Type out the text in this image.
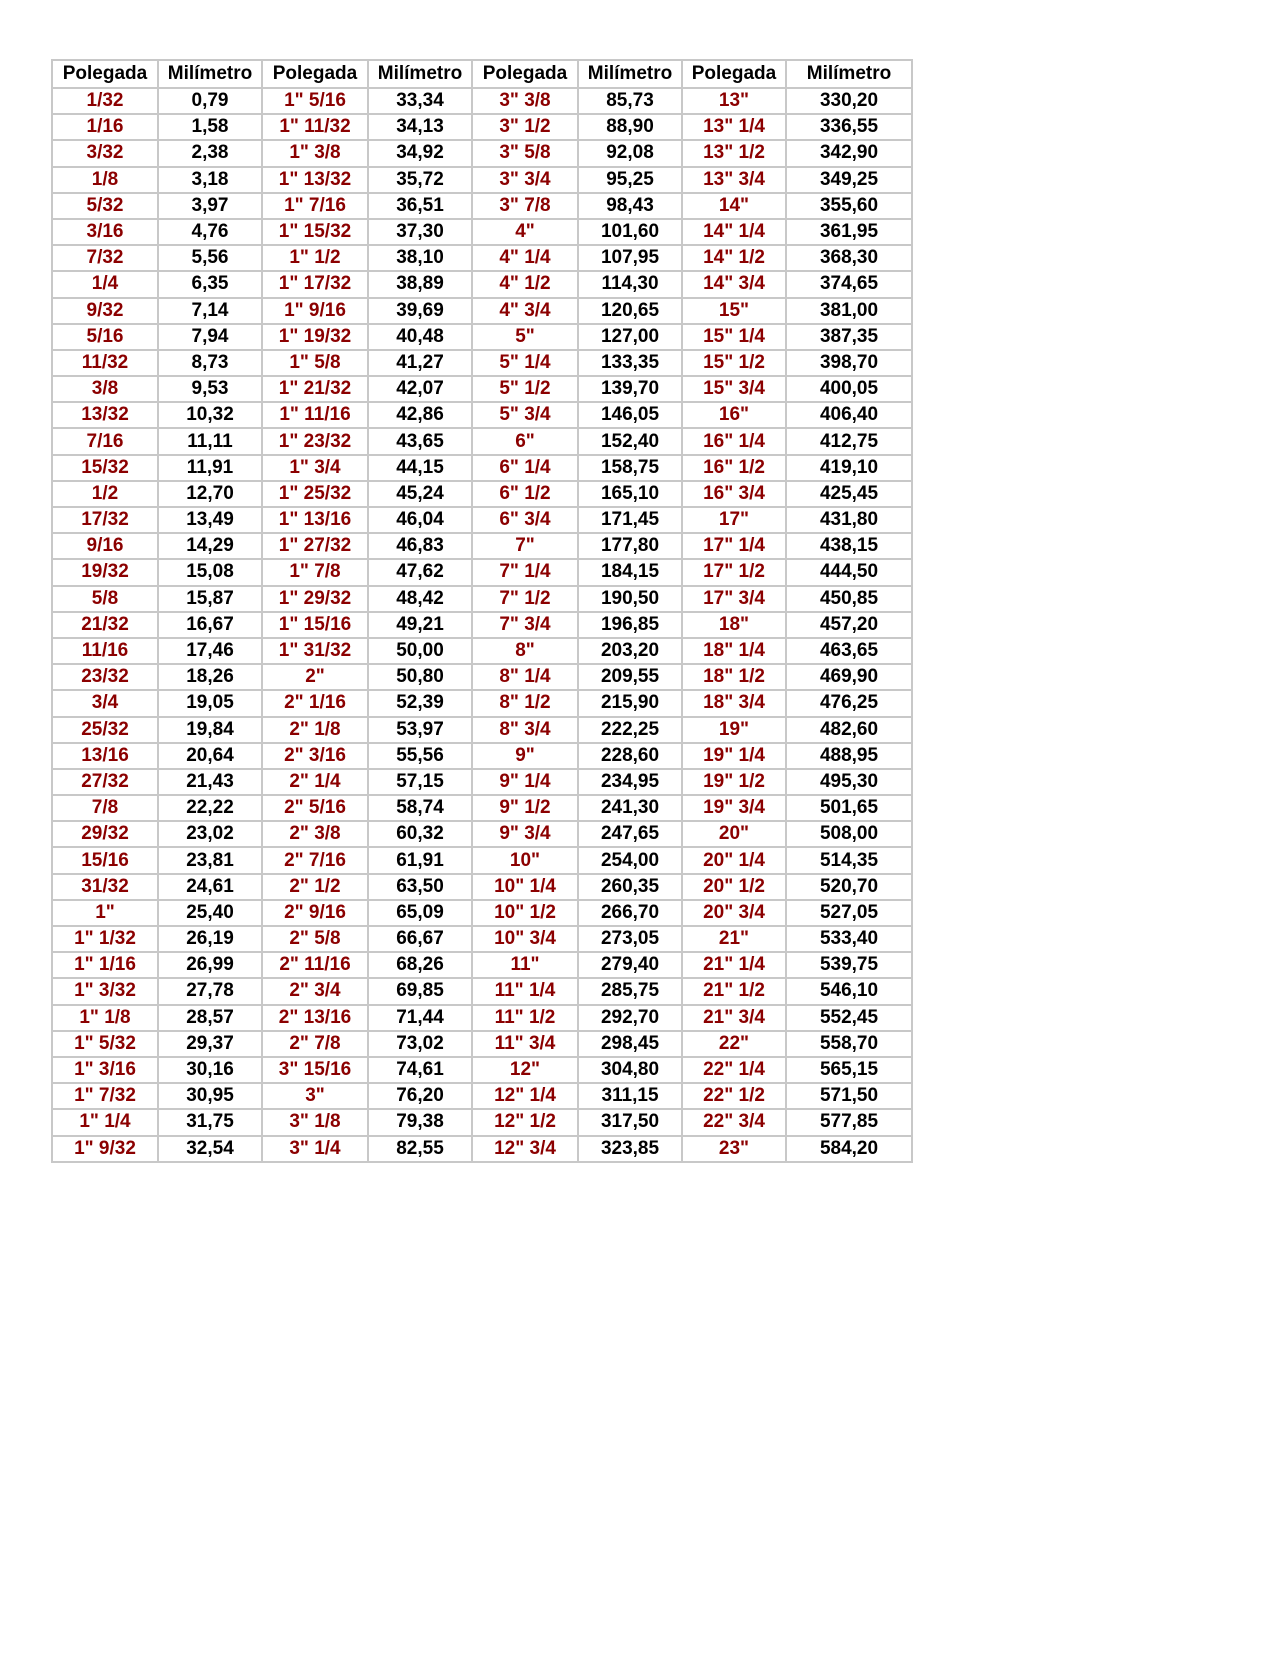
Polegada	Milímetro	Polegada	Milímetro	Polegada	Milímetro	Polegada	Milímetro
1/32	0,79	1" 5/16	33,34	3" 3/8	85,73	13"	330,20
1/16	1,58	1" 11/32	34,13	3" 1/2	88,90	13" 1/4	336,55
3/32	2,38	1" 3/8	34,92	3" 5/8	92,08	13" 1/2	342,90
1/8	3,18	1" 13/32	35,72	3" 3/4	95,25	13" 3/4	349,25
5/32	3,97	1" 7/16	36,51	3" 7/8	98,43	14"	355,60
3/16	4,76	1" 15/32	37,30	4"	101,60	14" 1/4	361,95
7/32	5,56	1" 1/2	38,10	4" 1/4	107,95	14" 1/2	368,30
1/4	6,35	1" 17/32	38,89	4" 1/2	114,30	14" 3/4	374,65
9/32	7,14	1" 9/16	39,69	4" 3/4	120,65	15"	381,00
5/16	7,94	1" 19/32	40,48	5"	127,00	15" 1/4	387,35
11/32	8,73	1" 5/8	41,27	5" 1/4	133,35	15" 1/2	398,70
3/8	9,53	1" 21/32	42,07	5" 1/2	139,70	15" 3/4	400,05
13/32	10,32	1" 11/16	42,86	5" 3/4	146,05	16"	406,40
7/16	11,11	1" 23/32	43,65	6"	152,40	16" 1/4	412,75
15/32	11,91	1" 3/4	44,15	6" 1/4	158,75	16" 1/2	419,10
1/2	12,70	1" 25/32	45,24	6" 1/2	165,10	16" 3/4	425,45
17/32	13,49	1" 13/16	46,04	6" 3/4	171,45	17"	431,80
9/16	14,29	1" 27/32	46,83	7"	177,80	17" 1/4	438,15
19/32	15,08	1" 7/8	47,62	7" 1/4	184,15	17" 1/2	444,50
5/8	15,87	1" 29/32	48,42	7" 1/2	190,50	17" 3/4	450,85
21/32	16,67	1" 15/16	49,21	7" 3/4	196,85	18"	457,20
11/16	17,46	1" 31/32	50,00	8"	203,20	18" 1/4	463,65
23/32	18,26	2"	50,80	8" 1/4	209,55	18" 1/2	469,90
3/4	19,05	2" 1/16	52,39	8" 1/2	215,90	18" 3/4	476,25
25/32	19,84	2" 1/8	53,97	8" 3/4	222,25	19"	482,60
13/16	20,64	2" 3/16	55,56	9"	228,60	19" 1/4	488,95
27/32	21,43	2" 1/4	57,15	9" 1/4	234,95	19" 1/2	495,30
7/8	22,22	2" 5/16	58,74	9" 1/2	241,30	19" 3/4	501,65
29/32	23,02	2" 3/8	60,32	9" 3/4	247,65	20"	508,00
15/16	23,81	2" 7/16	61,91	10"	254,00	20" 1/4	514,35
31/32	24,61	2" 1/2	63,50	10" 1/4	260,35	20" 1/2	520,70
1"	25,40	2" 9/16	65,09	10" 1/2	266,70	20" 3/4	527,05
1" 1/32	26,19	2" 5/8	66,67	10" 3/4	273,05	21"	533,40
1" 1/16	26,99	2" 11/16	68,26	11"	279,40	21" 1/4	539,75
1" 3/32	27,78	2" 3/4	69,85	11" 1/4	285,75	21" 1/2	546,10
1" 1/8	28,57	2" 13/16	71,44	11" 1/2	292,70	21" 3/4	552,45
1" 5/32	29,37	2" 7/8	73,02	11" 3/4	298,45	22"	558,70
1" 3/16	30,16	3" 15/16	74,61	12"	304,80	22" 1/4	565,15
1" 7/32	30,95	3"	76,20	12" 1/4	311,15	22" 1/2	571,50
1" 1/4	31,75	3" 1/8	79,38	12" 1/2	317,50	22" 3/4	577,85
1" 9/32	32,54	3" 1/4	82,55	12" 3/4	323,85	23"	584,20
